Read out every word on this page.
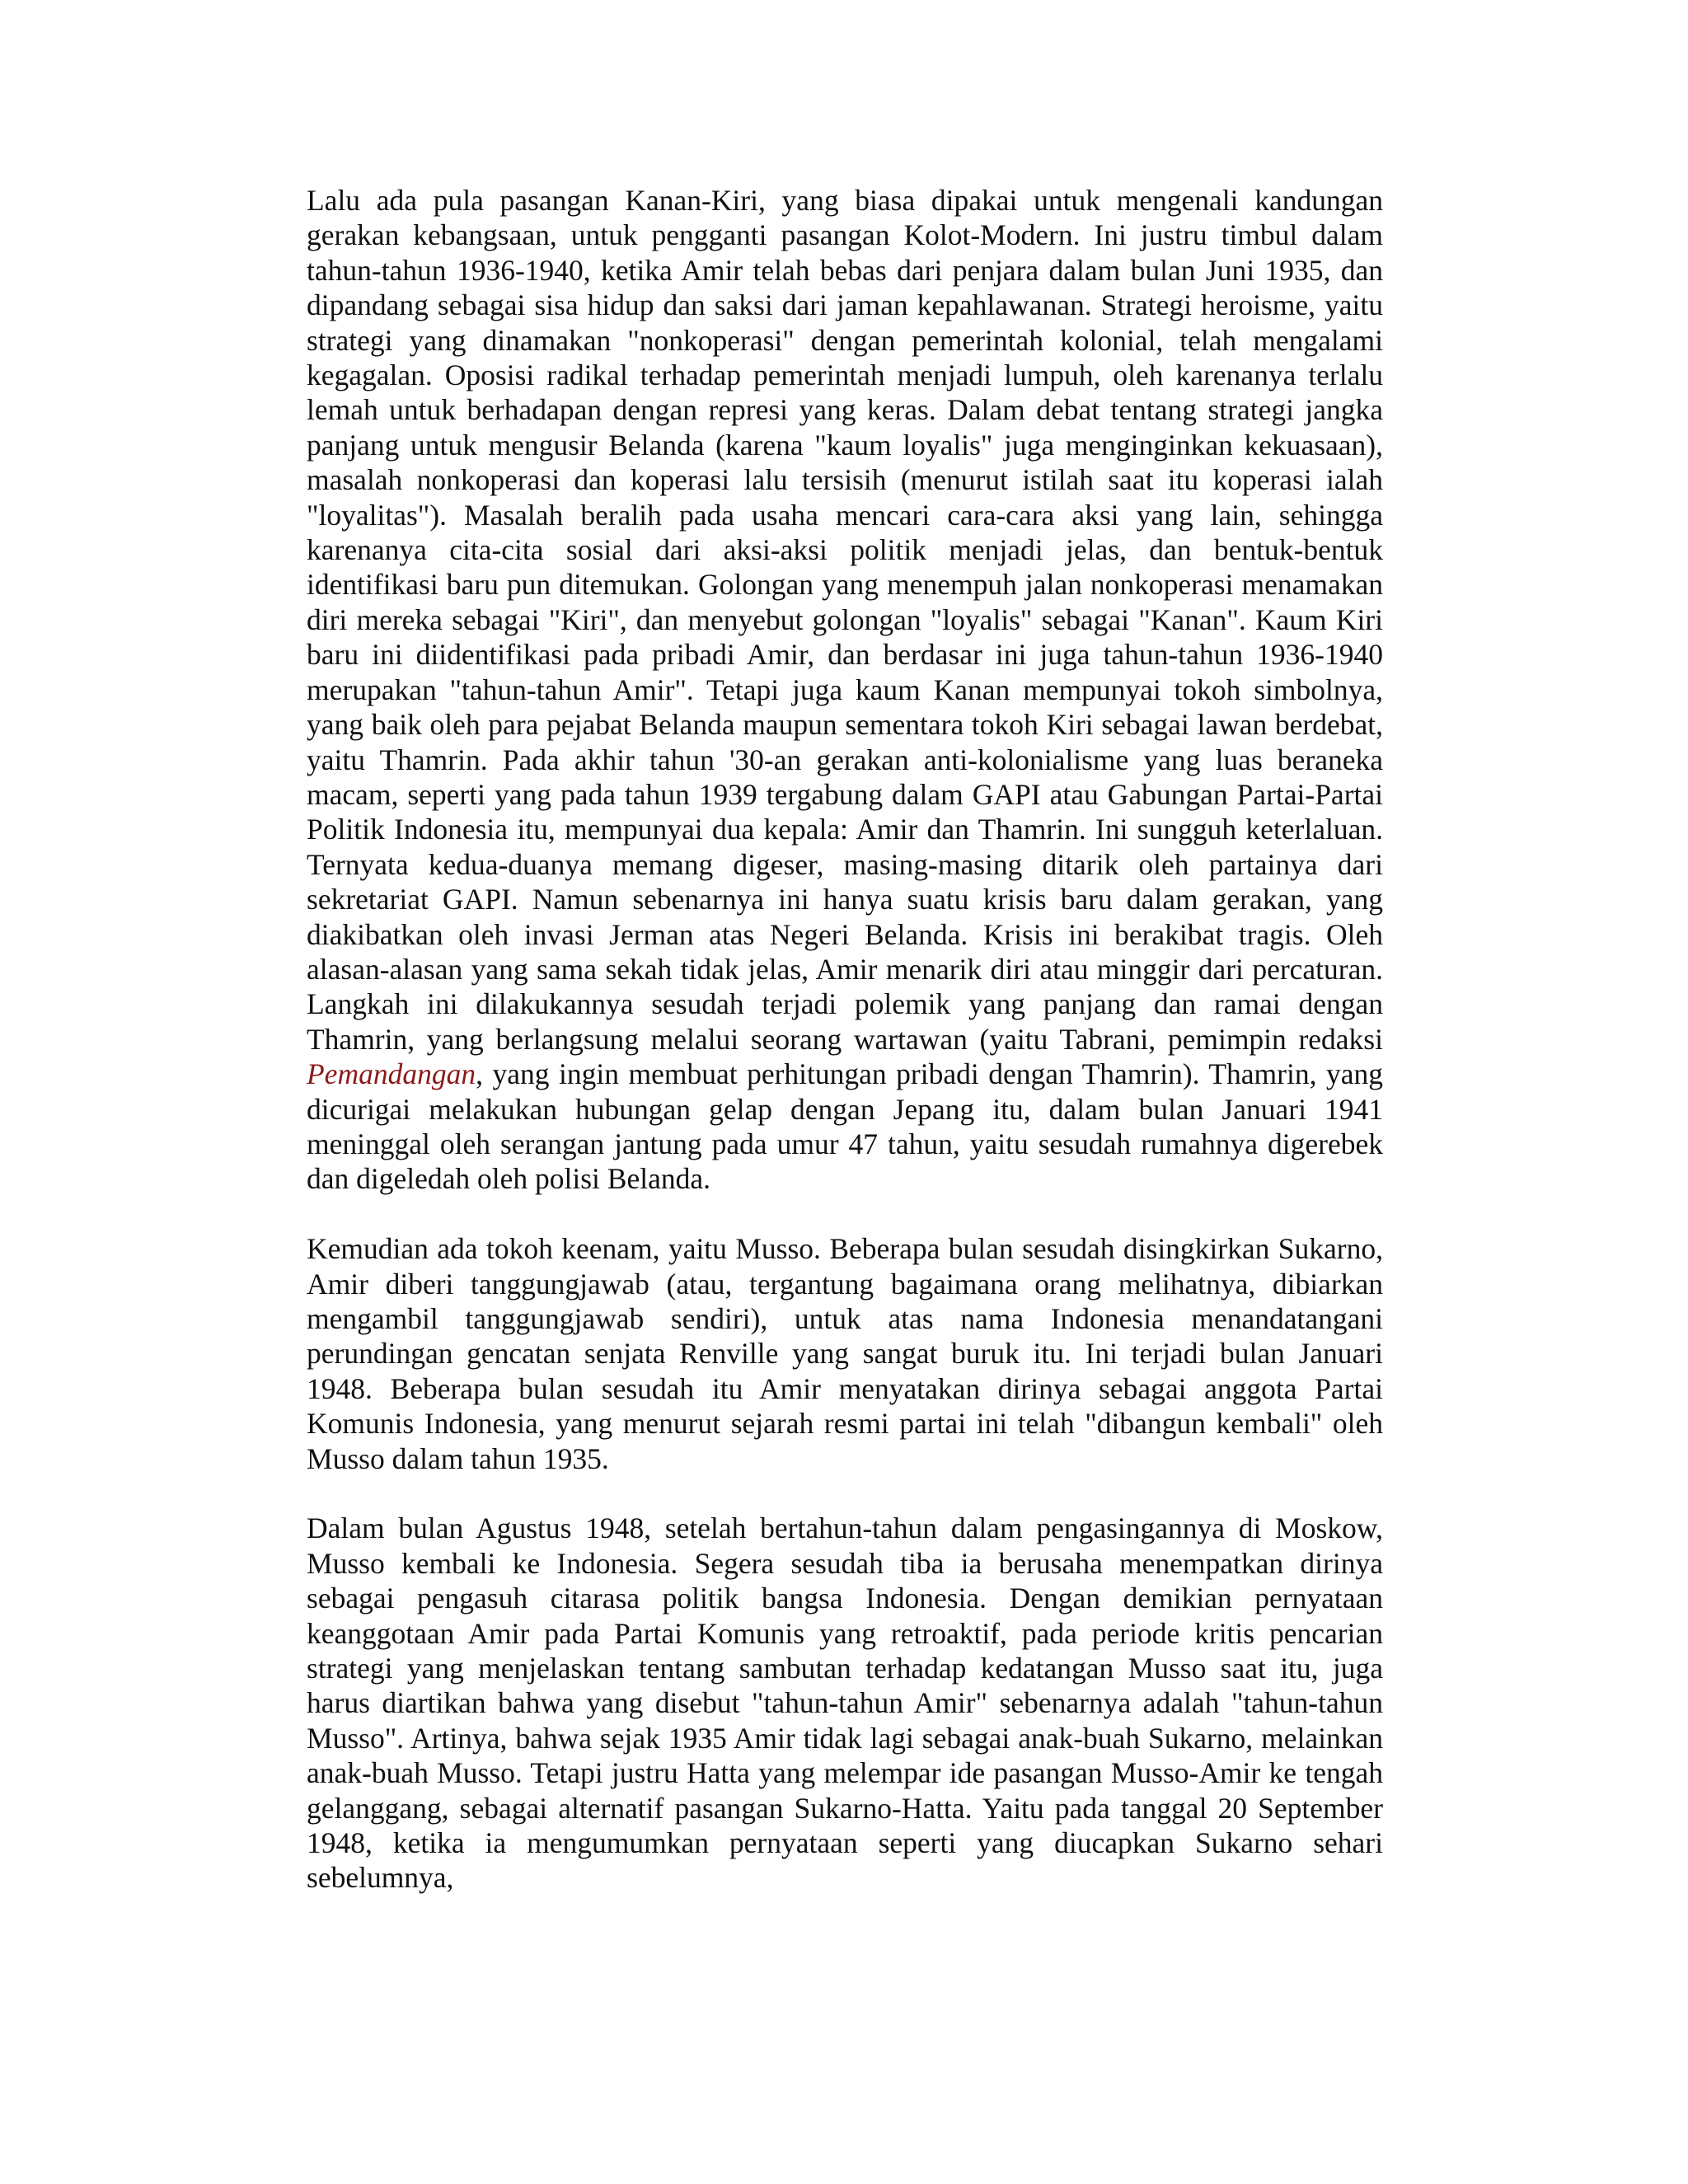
Lalu ada pula pasangan Kanan-Kiri, yang biasa dipakai untuk mengenali kandungan gerakan kebangsaan, untuk pengganti pasangan Kolot-Modern. Ini justru timbul dalam tahun-tahun 1936-1940, ketika Amir telah bebas dari penjara dalam bulan Juni 1935, dan dipandang sebagai sisa hidup dan saksi dari jaman kepahlawanan. Strategi heroisme, yaitu strategi yang dinamakan "nonkoperasi" dengan pemerintah kolonial, telah mengalami kegagalan. Oposisi radikal terhadap pemerintah menjadi lumpuh, oleh karenanya terlalu lemah untuk berhadapan dengan represi yang keras. Dalam debat tentang strategi jangka panjang untuk mengusir Belanda (karena "kaum loyalis" juga menginginkan kekuasaan), masalah nonkoperasi dan koperasi lalu tersisih (menurut istilah saat itu koperasi ialah "loyalitas"). Masalah beralih pada usaha mencari cara-cara aksi yang lain, sehingga karenanya cita-cita sosial dari aksi-aksi politik menjadi jelas, dan bentuk-bentuk identifikasi baru pun ditemukan. Golongan yang menempuh jalan nonkoperasi menamakan diri mereka sebagai "Kiri", dan menyebut golongan "loyalis" sebagai "Kanan". Kaum Kiri baru ini diidentifikasi pada pribadi Amir, dan berdasar ini juga tahun-tahun 1936-1940 merupakan "tahun-tahun Amir". Tetapi juga kaum Kanan mempunyai tokoh simbolnya, yang baik oleh para pejabat Belanda maupun sementara tokoh Kiri sebagai lawan berdebat, yaitu Thamrin. Pada akhir tahun '30-an gerakan anti-kolonialisme yang luas beraneka macam, seperti yang pada tahun 1939 tergabung dalam GAPI atau Gabungan Partai-Partai Politik Indonesia itu, mempunyai dua kepala: Amir dan Thamrin. Ini sungguh keterlaluan. Ternyata kedua-duanya memang digeser, masing-masing ditarik oleh partainya dari sekretariat GAPI. Namun sebenarnya ini hanya suatu krisis baru dalam gerakan, yang diakibatkan oleh invasi Jerman atas Negeri Belanda. Krisis ini berakibat tragis. Oleh alasan-alasan yang sama sekah tidak jelas, Amir menarik diri atau minggir dari percaturan. Langkah ini dilakukannya sesudah terjadi polemik yang panjang dan ramai dengan Thamrin, yang berlangsung melalui seorang wartawan (yaitu Tabrani, pemimpin redaksi Pemandangan, yang ingin membuat perhitungan pribadi dengan Thamrin). Thamrin, yang dicurigai melakukan hubungan gelap dengan Jepang itu, dalam bulan Januari 1941 meninggal oleh serangan jantung pada umur 47 tahun, yaitu sesudah rumahnya digerebek dan digeledah oleh polisi Belanda.

Kemudian ada tokoh keenam, yaitu Musso. Beberapa bulan sesudah disingkirkan Sukarno, Amir diberi tanggungjawab (atau, tergantung bagaimana orang melihatnya, dibiarkan mengambil tanggungjawab sendiri), untuk atas nama Indonesia menandatangani perundingan gencatan senjata Renville yang sangat buruk itu. Ini terjadi bulan Januari 1948. Beberapa bulan sesudah itu Amir menyatakan dirinya sebagai anggota Partai Komunis Indonesia, yang menurut sejarah resmi partai ini telah "dibangun kembali" oleh Musso dalam tahun 1935.

Dalam bulan Agustus 1948, setelah bertahun-tahun dalam pengasingannya di Moskow, Musso kembali ke Indonesia. Segera sesudah tiba ia berusaha menempatkan dirinya sebagai pengasuh citarasa politik bangsa Indonesia. Dengan demikian pernyataan keanggotaan Amir pada Partai Komunis yang retroaktif, pada periode kritis pencarian strategi yang menjelaskan tentang sambutan terhadap kedatangan Musso saat itu, juga harus diartikan bahwa yang disebut "tahun-tahun Amir" sebenarnya adalah "tahun-tahun Musso". Artinya, bahwa sejak 1935 Amir tidak lagi sebagai anak-buah Sukarno, melainkan anak-buah Musso. Tetapi justru Hatta yang melempar ide pasangan Musso-Amir ke tengah gelanggang, sebagai alternatif pasangan Sukarno-Hatta. Yaitu pada tanggal 20 September 1948, ketika ia mengumumkan pernyataan seperti yang diucapkan Sukarno sehari sebelumnya,
